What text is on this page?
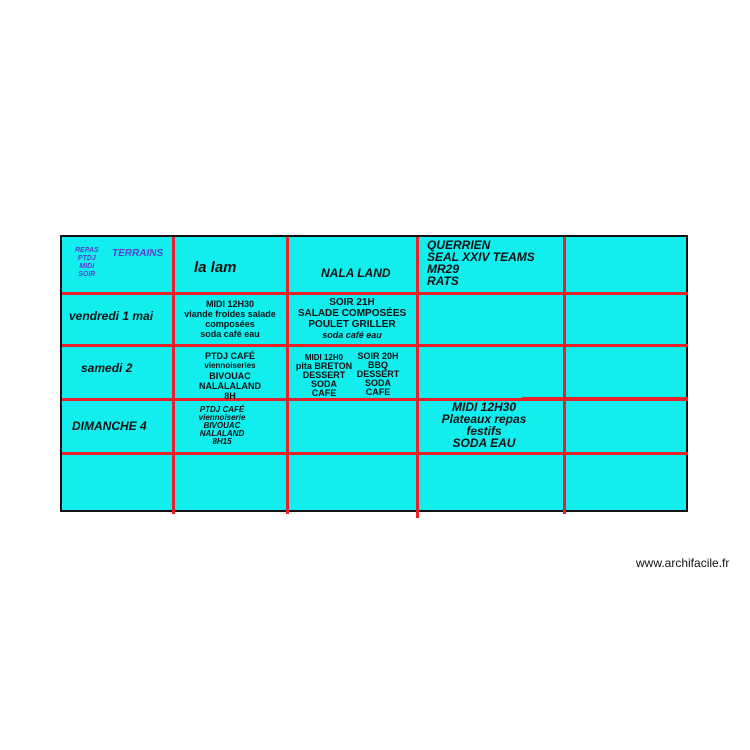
REPAS
PTDJ
MIDI
SOIR
TERRAINS
la lam	NALA LAND
QUERRIEN
SEAL XXIV TEAMS
MR29
RATS
vendredi 1 mai
samedi 2
DIMANCHE 4
MIDI 12H30
viande froides salade
composées
soda café eau
SOIR 21H
SALADE COMPOSÉES
POULET GRILLER
soda café eau
PTDJ CAFÉ
viennoiseries
BIVOUAC
NALALALAND
8H
MIDI 12H0
pita BRETON
DESSERT
SODA
CAFE
SOIR 20H
BBQ
DESSERT
SODA
CAFE
PTDJ CAFÉ
viennoiserie
BIVOUAC
NALALAND
8H15
MIDI 12H30
Plateaux repas
festifs
SODA EAU
www.archifacile.fr
